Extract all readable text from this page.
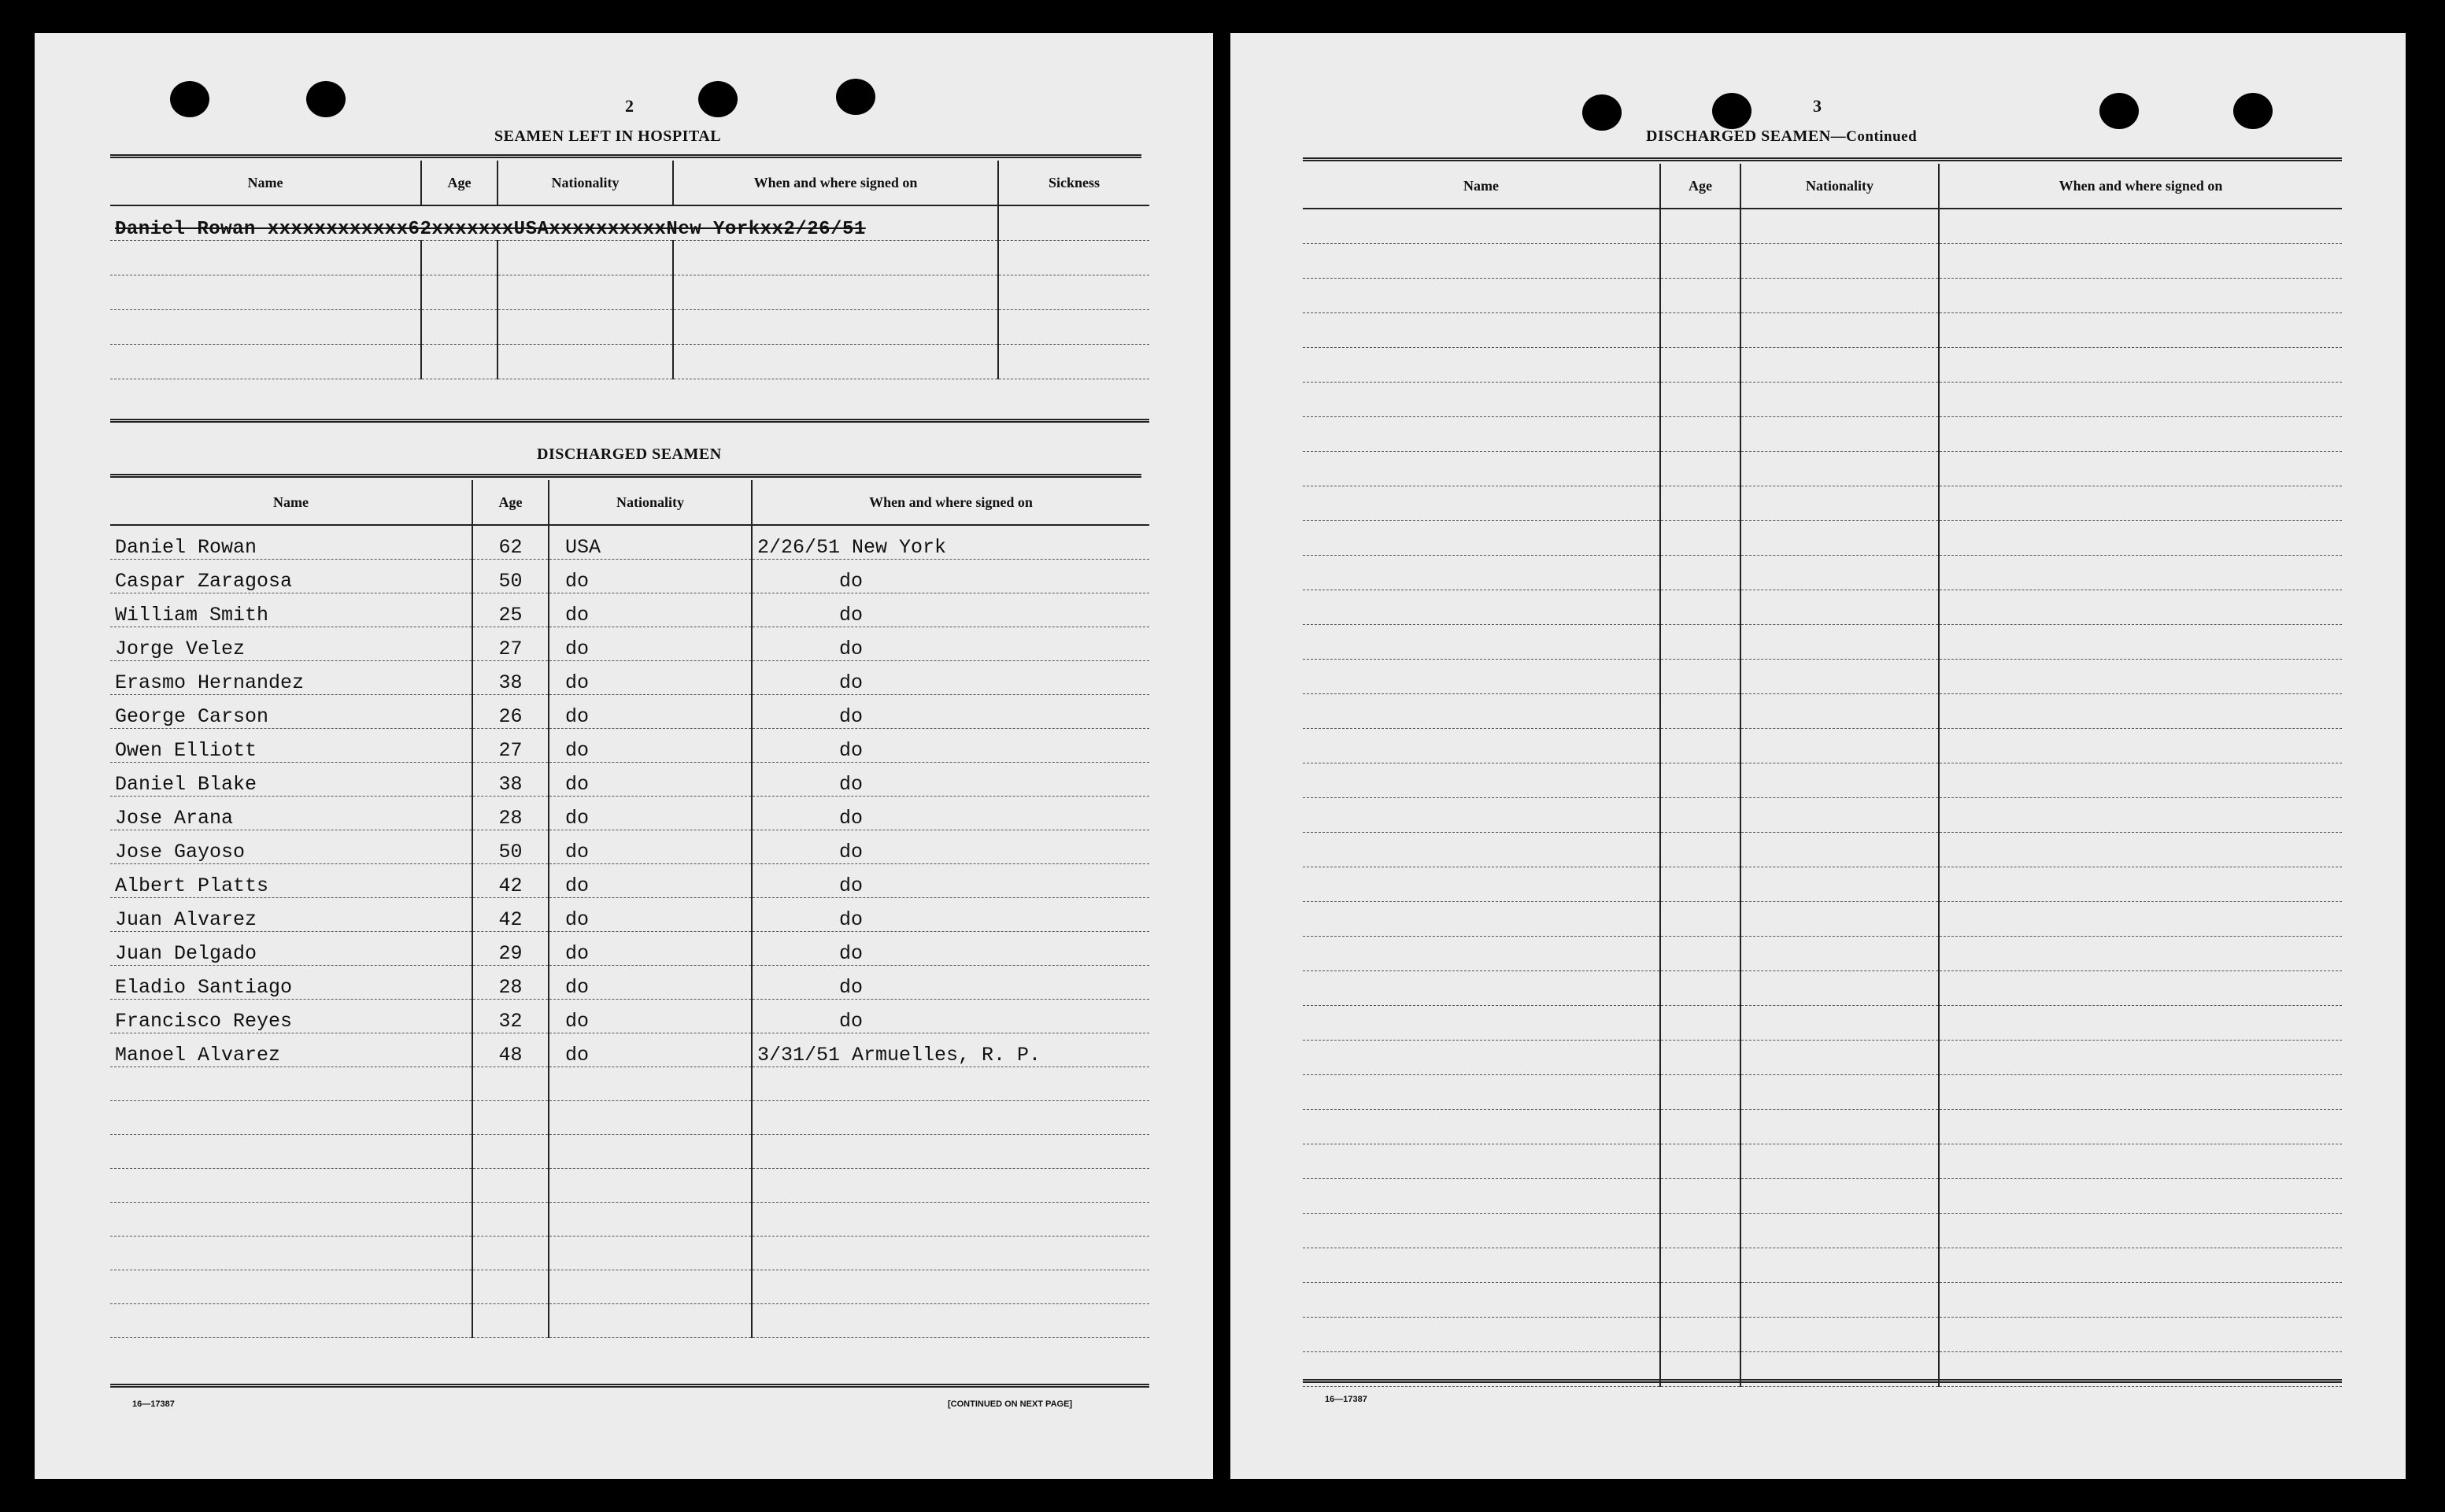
2
SEAMEN LEFT IN HOSPITAL
Name	Age	Nationality	When and where signed on	Sickness
Daniel Rowan xxxxxxxxxxxx62xxxxxxxUSAxxxxxxxxxxNew Yorkxx2/26/51				

DISCHARGED SEAMEN
Name	Age	Nationality	When and where signed on
Daniel Rowan	62	USA	2/26/51 New York
Caspar Zaragosa	50	do	do
William Smith	25	do	do
Jorge Velez	27	do	do
Erasmo Hernandez	38	do	do
George Carson	26	do	do
Owen Elliott	27	do	do
Daniel Blake	38	do	do
Jose Arana	28	do	do
Jose Gayoso	50	do	do
Albert Platts	42	do	do
Juan Alvarez	42	do	do
Juan Delgado	29	do	do
Eladio Santiago	28	do	do
Francisco Reyes	32	do	do
Manoel Alvarez	48	do	3/31/51 Armuelles, R. P.

16—17387	[CONTINUED ON NEXT PAGE]
3
DISCHARGED SEAMEN—Continued
Name	Age	Nationality	When and where signed on

16—17387
